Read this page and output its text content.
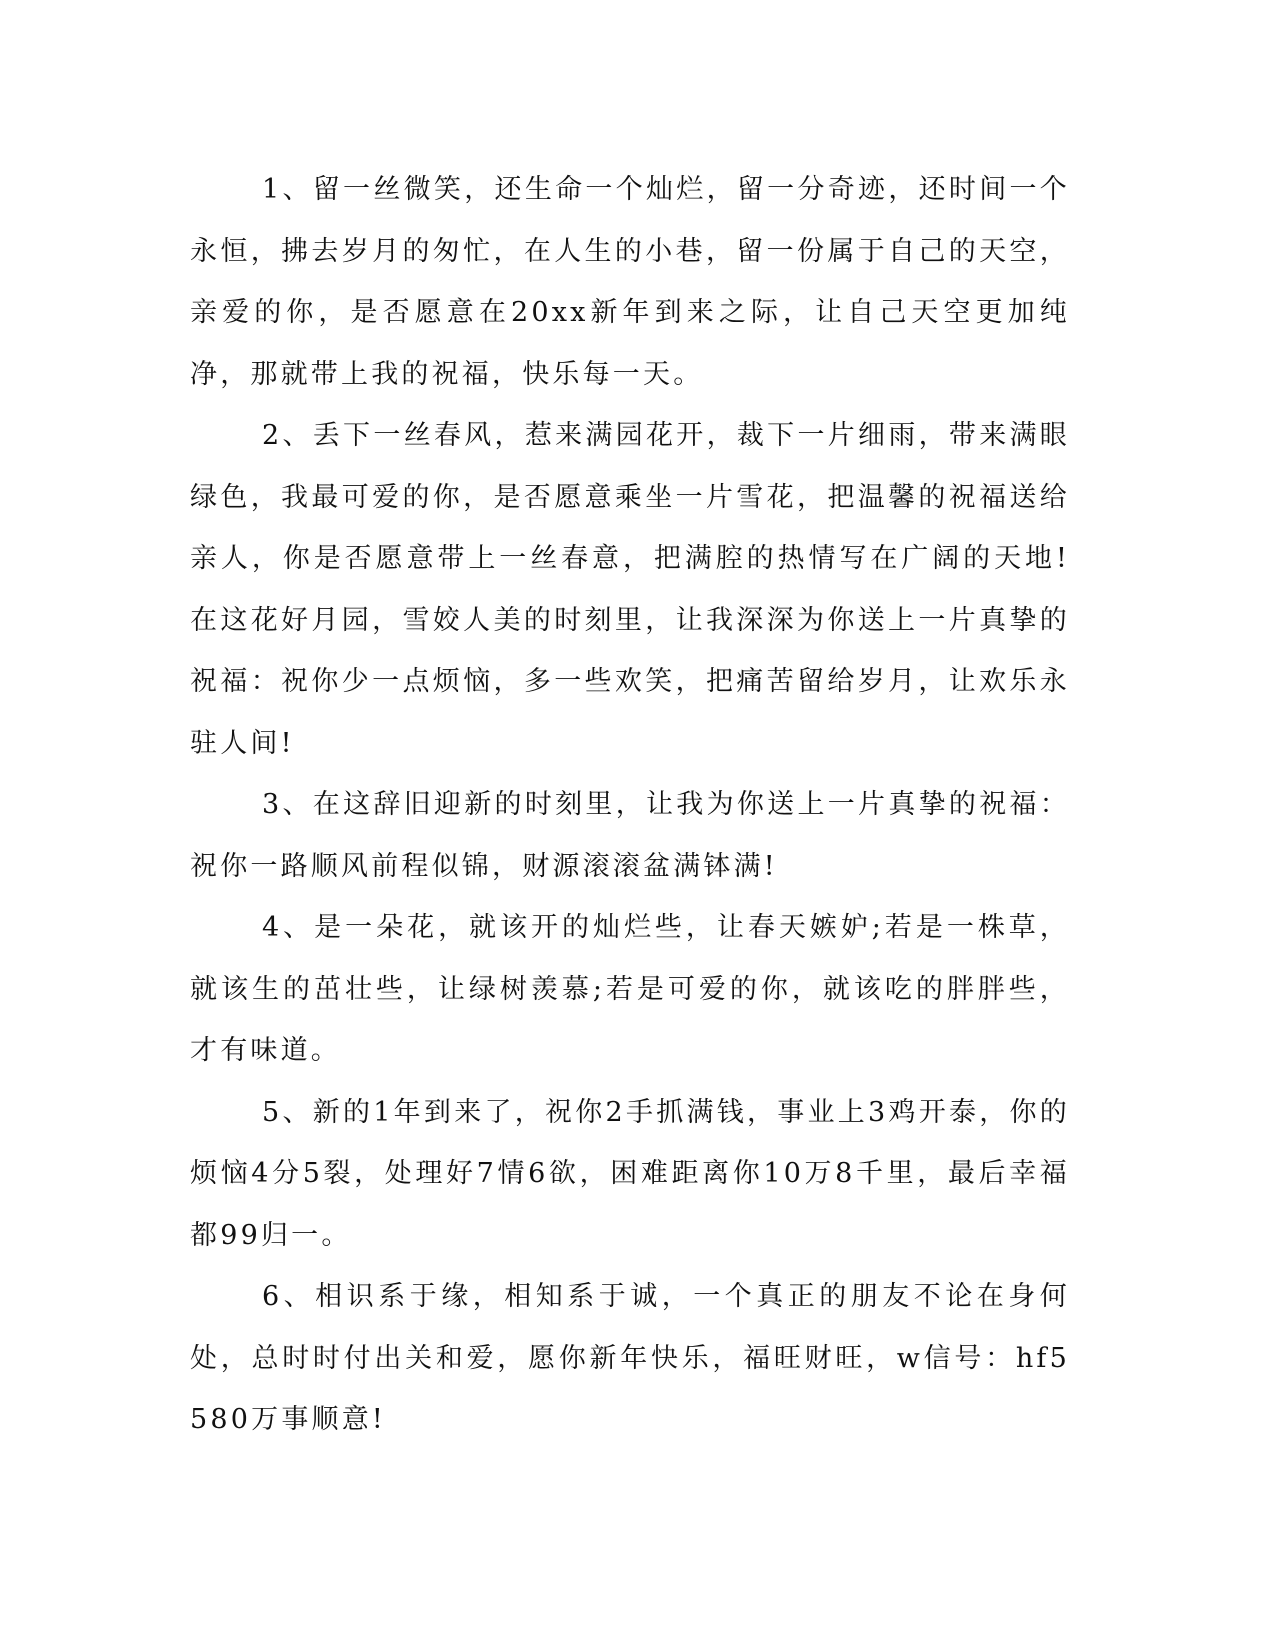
1、留一丝微笑，还生命一个灿烂，留一分奇迹，还时间一个永恒，拂去岁月的匆忙，在人生的小巷，留一份属于自己的天空，亲爱的你，是否愿意在20xx新年到来之际，让自己天空更加纯净，那就带上我的祝福，快乐每一天。

2、丢下一丝春风，惹来满园花开，裁下一片细雨，带来满眼绿色，我最可爱的你，是否愿意乘坐一片雪花，把温馨的祝福送给亲人，你是否愿意带上一丝春意，把满腔的热情写在广阔的天地!在这花好月园，雪姣人美的时刻里，让我深深为你送上一片真挚的祝福：祝你少一点烦恼，多一些欢笑，把痛苦留给岁月，让欢乐永驻人间!

3、在这辞旧迎新的时刻里，让我为你送上一片真挚的祝福：祝你一路顺风前程似锦，财源滚滚盆满钵满!

4、是一朵花，就该开的灿烂些，让春天嫉妒;若是一株草，就该生的茁壮些，让绿树羡慕;若是可爱的你，就该吃的胖胖些，才有味道。

5、新的1年到来了，祝你2手抓满钱，事业上3鸡开泰，你的烦恼4分5裂，处理好7情6欲，困难距离你10万8千里，最后幸福都99归一。

6、相识系于缘，相知系于诚，一个真正的朋友不论在身何处，总时时付出关和爱，愿你新年快乐，福旺财旺，w信号：hf5580万事顺意!
